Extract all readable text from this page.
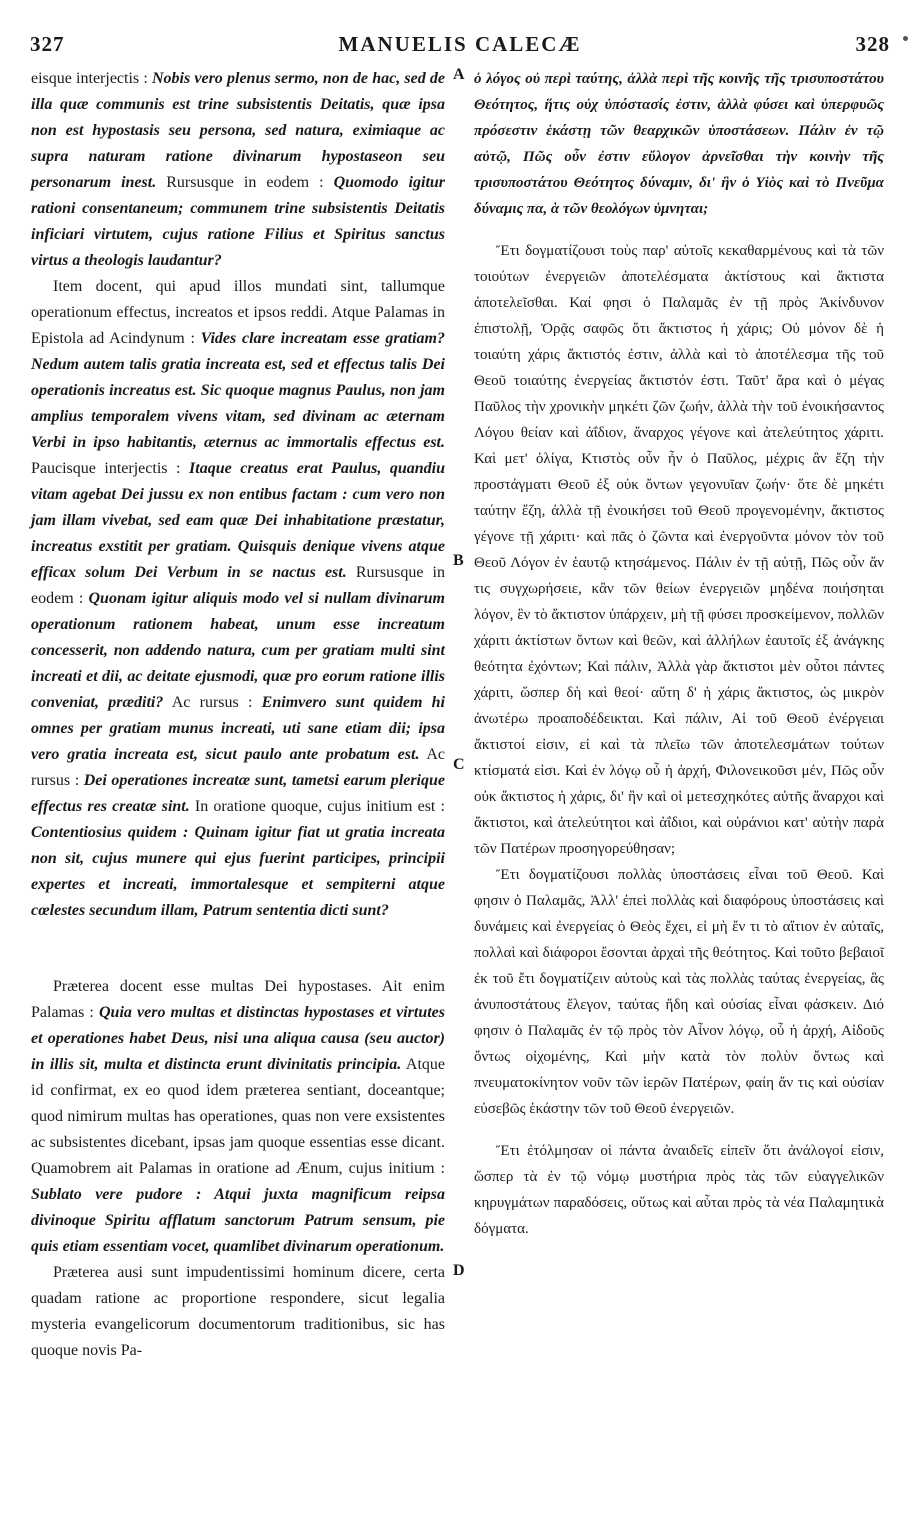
327	MANUELIS CALECÆ	328
A
B
C
D

eisque interjectis : Nobis vero plenus sermo, non de hac, sed de illa quæ communis est trine subsistentis Deitatis, quæ ipsa non est hypostasis seu persona, sed natura, eximiaque ac supra naturam ratione divinarum hypostaseon seu personarum inest. Rursusque in eodem : Quomodo igitur rationi consentaneum; communem trine subsistentis Deitatis inficiari virtutem, cujus ratione Filius et Spiritus sanctus virtus a theologis laudantur?

Item docent, qui apud illos mundati sint, tallumque operationum effectus, increatos et ipsos reddi. Atque Palamas in Epistola ad Acindynum : Vides clare increatam esse gratiam? Nedum autem talis gratia increata est, sed et effectus talis Dei operationis increatus est. Sic quoque magnus Paulus, non jam amplius temporalem vivens vitam, sed divinam ac æternam Verbi in ipso habitantis, æternus ac immortalis effectus est. Paucisque interjectis : Itaque creatus erat Paulus, quandiu vitam agebat Dei jussu ex non entibus factam : cum vero non jam illam vivebat, sed eam quæ Dei inhabitatione præstatur, increatus exstitit per gratiam. Quisquis denique vivens atque efficax solum Dei Verbum in se nactus est. Rursusque in eodem : Quonam igitur aliquis modo vel si nullam divinarum operationum rationem habeat, unum esse increatum concesserit, non addendo natura, cum per gratiam multi sint increati et dii, ac deitate ejusmodi, quæ pro eorum ratione illis conveniat, præditi? Ac rursus : Enimvero sunt quidem hi omnes per gratiam munus increati, uti sane etiam dii; ipsa vero gratia increata est, sicut paulo ante probatum est. Ac rursus : Dei operationes increatæ sunt, tametsi earum plerique effectus res creatæ sint. In oratione quoque, cujus initium est : Contentiosius quidem : Quinam igitur fiat ut gratia increata non sit, cujus munere qui ejus fuerint participes, principii expertes et increati, immortalesque et sempiterni atque cœlestes secundum illam, Patrum sententia dicti sunt?

Præterea docent esse multas Dei hypostases. Ait enim Palamas : Quia vero multas et distinctas hypostases et virtutes et operationes habet Deus, nisi una aliqua causa (seu auctor) in illis sit, multa et distincta erunt divinitatis principia. Atque id confirmat, ex eo quod idem præterea sentiant, doceantque; quod nimirum multas has operationes, quas non vere exsistentes ac subsistentes dicebant, ipsas jam quoque essentias esse dicant. Quamobrem ait Palamas in oratione ad Ænum, cujus initium : Sublato vere pudore : Atqui juxta magnificum reipsa divinoque Spiritu afflatum sanctorum Patrum sensum, pie quis etiam essentiam vocet, quamlibet divinarum operationum.

Præterea ausi sunt impudentissimi hominum dicere, certa quadam ratione ac proportione respondere, sicut legalia mysteria evangelicorum documentorum traditionibus, sic has quoque novis Pa-

ὁ λόγος οὐ περὶ ταύτης, ἀλλὰ περὶ τῆς κοινῆς τῆς τρισυποστάτου Θεότητος, ἥτις οὐχ ὑπόστασίς ἐστιν, ἀλλὰ φύσει καὶ ὑπερφυῶς πρόσεστιν ἑκάστῃ τῶν θεαρχικῶν ὑποστάσεων. Πάλιν ἐν τῷ αὐτῷ, Πῶς οὖν ἐστιν εὔλογον ἀρνεῖσθαι τὴν κοινὴν τῆς τρισυποστάτου Θεότητος δύναμιν, δι' ἣν ὁ Υἱὸς καὶ τὸ Πνεῦμα δύναμις πα, ὰ τῶν θεολόγων ὑμνηται;

Ἔτι δογματίζουσι τοὺς παρ' αὐτοῖς κεκαθαρμένους καὶ τὰ τῶν τοιούτων ἐνεργειῶν ἀποτελέσματα ἀκτίστους καὶ ἄκτιστα ἀποτελεῖσθαι. Καί φησι ὁ Παλαμᾶς ἐν τῇ πρὸς Ἀκίνδυνον ἐπιστολῇ, Ὁρᾷς σαφῶς ὅτι ἄκτιστος ἡ χάρις; Οὐ μόνον δὲ ἡ τοιαύτη χάρις ἄκτιστός ἐστιν, ἀλλὰ καὶ τὸ ἀποτέλεσμα τῆς τοῦ Θεοῦ τοιαύτης ἐνεργείας ἄκτιστόν ἐστι. Ταῦτ' ἄρα καὶ ὁ μέγας Παῦλος τὴν χρονικὴν μηκέτι ζῶν ζωήν, ἀλλὰ τὴν τοῦ ἐνοικήσαντος Λόγου θείαν καὶ ἀΐδιον, ἄναρχος γέγονε καὶ ἀτελεύτητος χάριτι. Καὶ μετ' ὀλίγα, Κτιστὸς οὖν ἦν ὁ Παῦλος, μέχρις ἂν ἔζη τὴν προστάγματι Θεοῦ ἐξ οὐκ ὄντων γεγονυῖαν ζωήν· ὅτε δὲ μηκέτι ταύτην ἔζη, ἀλλὰ τῇ ἐνοικήσει τοῦ Θεοῦ προγενομένην, ἄκτιστος γέγονε τῇ χάριτι· καὶ πᾶς ὁ ζῶντα καὶ ἐνεργοῦντα μόνον τὸν τοῦ Θεοῦ Λόγον ἐν ἑαυτῷ κτησάμενος. Πάλιν ἐν τῇ αὐτῇ, Πῶς οὖν ἄν τις συγχωρήσειε, κἂν τῶν θείων ἐνεργειῶν μηδένα ποιήσηται λόγον, ἓν τὸ ἄκτιστον ὑπάρχειν, μὴ τῇ φύσει προσκείμενον, πολλῶν χάριτι ἀκτίστων ὄντων καὶ θεῶν, καὶ ἀλλήλων ἑαυτοῖς ἐξ ἀνάγκης θεότητα ἐχόντων; Καὶ πάλιν, Ἀλλὰ γὰρ ἄκτιστοι μὲν οὗτοι πάντες χάριτι, ὥσπερ δὴ καὶ θεοί· αὕτη δ' ἡ χάρις ἄκτιστος, ὡς μικρὸν ἀνωτέρω προαποδέδεικται. Καὶ πάλιν, Αἱ τοῦ Θεοῦ ἐνέργειαι ἄκτιστοί εἰσιν, εἰ καὶ τὰ πλεῖω τῶν ἀποτελεσμάτων τούτων κτίσματά εἰσι. Καὶ ἐν λόγῳ οὗ ἡ ἀρχή, Φιλονεικοῦσι μέν, Πῶς οὖν οὐκ ἄκτιστος ἡ χάρις, δι' ἣν καὶ οἱ μετεσχηκότες αὐτῆς ἄναρχοι καὶ ἄκτιστοι, καὶ ἀτελεύτητοι καὶ ἀΐδιοι, καὶ οὐράνιοι κατ' αὐτὴν παρὰ τῶν Πατέρων προσηγορεύθησαν;

Ἔτι δογματίζουσι πολλὰς ὑποστάσεις εἶναι τοῦ Θεοῦ. Καὶ φησιν ὁ Παλαμᾶς, Ἀλλ' ἐπεὶ πολλὰς καὶ διαφόρους ὑποστάσεις καὶ δυνάμεις καὶ ἐνεργείας ὁ Θεὸς ἔχει, εἰ μὴ ἔν τι τὸ αἴτιον ἐν αὐταῖς, πολλαὶ καὶ διάφοροι ἔσονται ἀρχαὶ τῆς θεότητος. Καὶ τοῦτο βεβαιοῖ ἐκ τοῦ ἔτι δογματίζειν αὐτοὺς καὶ τὰς πολλὰς ταύτας ἐνεργείας, ἃς ἀνυποστάτους ἔλεγον, ταύτας ἤδη καὶ οὐσίας εἶναι φάσκειν. Διό φησιν ὁ Παλαμᾶς ἐν τῷ πρὸς τὸν Αἶνον λόγῳ, οὗ ἡ ἀρχή, Αἰδοῦς ὄντως οἰχομένης, Καὶ μὴν κατὰ τὸν πολὺν ὄντως καὶ πνευματοκίνητον νοῦν τῶν ἱερῶν Πατέρων, φαίη ἄν τις καὶ οὐσίαν εὐσεβῶς ἑκάστην τῶν τοῦ Θεοῦ ἐνεργειῶν.

Ἔτι ἐτόλμησαν οἱ πάντα ἀναιδεῖς εἰπεῖν ὅτι ἀνάλογοί εἰσιν, ὥσπερ τὰ ἐν τῷ νόμῳ μυστήρια πρὸς τὰς τῶν εὐαγγελικῶν κηρυγμάτων παραδόσεις, οὕτως καὶ αὗται πρὸς τὰ νέα Παλαμητικὰ δόγματα.
